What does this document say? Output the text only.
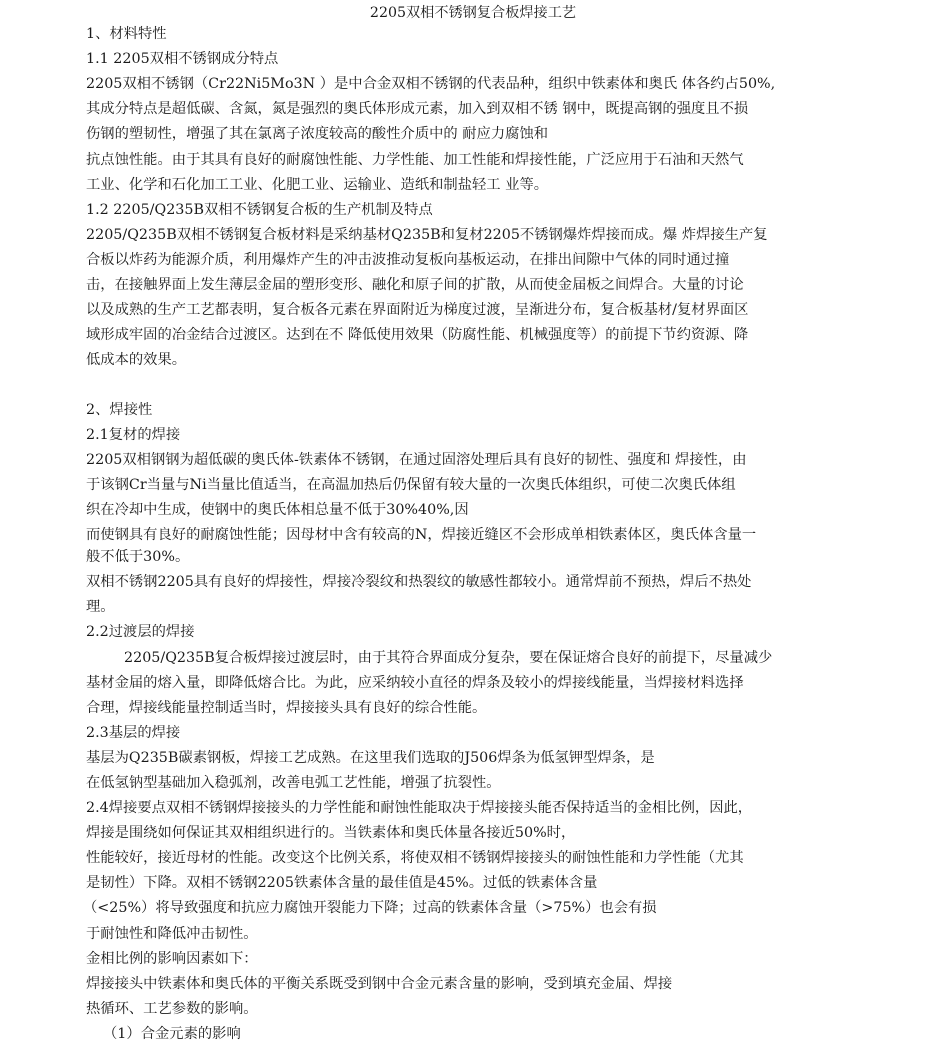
2205双相不锈钢复合板焊接工艺
1、材料特性
1.1 2205双相不锈钢成分特点
2205双相不锈钢（Cr22Ni5Mo3N ）是中合金双相不锈钢的代表品种，组织中铁素体和奥氏 体各约占50%,
其成分特点是超低碳、含氮，氮是强烈的奥氏体形成元素，加入到双相不锈 钢中，既提高钢的强度且不损
伤钢的塑韧性，增强了其在氯离子浓度较高的酸性介质中的 耐应力腐蚀和
抗点蚀性能。由于其具有良好的耐腐蚀性能、力学性能、加工性能和焊接性能，广泛应用于石油和天然气
工业、化学和石化加工工业、化肥工业、运输业、造纸和制盐轻工 业等。
1.2 2205/Q235B双相不锈钢复合板的生产机制及特点
2205/Q235B双相不锈钢复合板材料是采纳基材Q235B和复材2205不锈钢爆炸焊接而成。爆 炸焊接生产复
合板以炸药为能源介质，利用爆炸产生的冲击波推动复板向基板运动，在排出间隙中气体的同时通过撞
击，在接触界面上发生薄层金届的塑形变形、融化和原子间的扩散，从而使金届板之间焊合。大量的讨论
以及成熟的生产工艺都表明，复合板各元素在界面附近为梯度过渡，呈渐进分布，复合板基材/复材界面区
域形成牢固的冶金结合过渡区。达到在不 降低使用效果（防腐性能、机械强度等）的前提下节约资源、降
低成本的效果。
2、焊接性
2.1复材的焊接
2205双相钢钢为超低碳的奥氏体-铁素体不锈钢，在通过固溶处理后具有良好的韧性、强度和 焊接性，由
于该钢Cr当量与Ni当量比值适当，在高温加热后仍保留有较大量的一次奥氏体组织，可使二次奥氏体组
织在冷却中生成，使钢中的奥氏体相总量不低于30%40%,因
而使钢具有良好的耐腐蚀性能；因母材中含有较高的N，焊接近缝区不会形成单相铁素体区，奥氏体含量一
般不低于30%。
双相不锈钢2205具有良好的焊接性，焊接冷裂纹和热裂纹的敏感性都较小。通常焊前不预热，焊后不热处
理。
2.2过渡层的焊接
2205/Q235B复合板焊接过渡层时，由于其符合界面成分复杂，要在保证熔合良好的前提下，尽量减少
基材金届的熔入量，即降低熔合比。为此，应采纳较小直径的焊条及较小的焊接线能量，当焊接材料选择
合理，焊接线能量控制适当时，焊接接头具有良好的综合性能。
2.3基层的焊接
基层为Q235B碳素钢板，焊接工艺成熟。在这里我们选取的J506焊条为低氢钾型焊条，是
在低氢钠型基础加入稳弧剂，改善电弧工艺性能，增强了抗裂性。
2.4焊接要点双相不锈钢焊接接头的力学性能和耐蚀性能取决于焊接接头能否保持适当的金相比例，因此，
焊接是围绕如何保证其双相组织进行的。当铁素体和奥氏体量各接近50%时，
性能较好，接近母材的性能。改变这个比例关系，将使双相不锈钢焊接接头的耐蚀性能和力学性能（尤其
是韧性）下降。双相不锈钢2205铁素体含量的最佳值是45%。过低的铁素体含量
（<25%）将导致强度和抗应力腐蚀开裂能力下降；过高的铁素体含量（>75%）也会有损
于耐蚀性和降低冲击韧性。
金相比例的影响因素如下：
焊接接头中铁素体和奥氏体的平衡关系既受到钢中合金元素含量的影响，受到填充金届、焊接
热循环、工艺参数的影响。
（1）合金元素的影响
